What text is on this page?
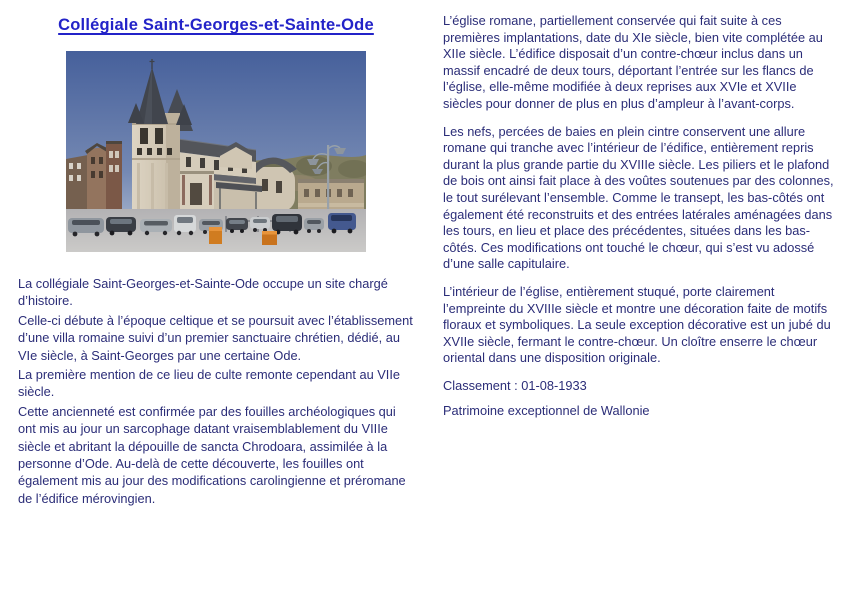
Collégiale Saint-Georges-et-Sainte-Ode

La collégiale Saint-Georges-et-Sainte-Ode occupe un site chargé d’histoire.

Celle-ci débute à l’époque celtique et se poursuit avec l’établissement d’une villa romaine suivi d’un premier sanctuaire chrétien, dédié, au VIe siècle, à Saint-Georges par une certaine Ode.

La première mention de ce lieu de culte remonte cependant au VIIe siècle.

Cette ancienneté est confirmée par des fouilles archéologiques qui ont mis au jour un sarcophage datant vraisemblablement du VIIIe siècle et abritant la dépouille de sancta Chrodoara, assimilée à la personne d’Ode. Au-delà de cette découverte, les fouilles ont également mis au jour des modifications carolingienne et préromane de l’édifice mérovingien.

L’église romane, partiellement conservée qui fait suite à ces premières implantations, date du XIe siècle, bien vite complétée au XIIe siècle. L’édifice disposait d’un contre-chœur inclus dans un massif encadré de deux tours, déportant l’entrée sur les flancs de l’église, elle-même modifiée à deux reprises aux XVIe et XVIIe siècles pour donner de plus en plus d’ampleur à l’avant-corps.

Les nefs, percées de baies en plein cintre conservent une allure romane qui tranche avec l’intérieur de l’édifice, entièrement repris durant la plus grande partie du XVIIIe siècle. Les piliers et le plafond de bois ont ainsi fait place à des voûtes soutenues par des colonnes, le tout surélevant l’ensemble. Comme le transept, les bas-côtés ont également été reconstruits et des entrées latérales aménagées dans les tours, en lieu et place des précédentes, situées dans les bas-côtés. Ces modifications ont touché le chœur, qui s’est vu adossé d’une salle capitulaire.

L’intérieur de l’église, entièrement stuqué, porte clairement l’empreinte du XVIIIe siècle et montre une décoration faite de motifs floraux et symboliques. La seule exception décorative est un jubé du XVIIe siècle, fermant le contre-chœur. Un cloître enserre le chœur oriental dans une disposition originale.

Classement : 01-08-1933

Patrimoine exceptionnel de Wallonie
